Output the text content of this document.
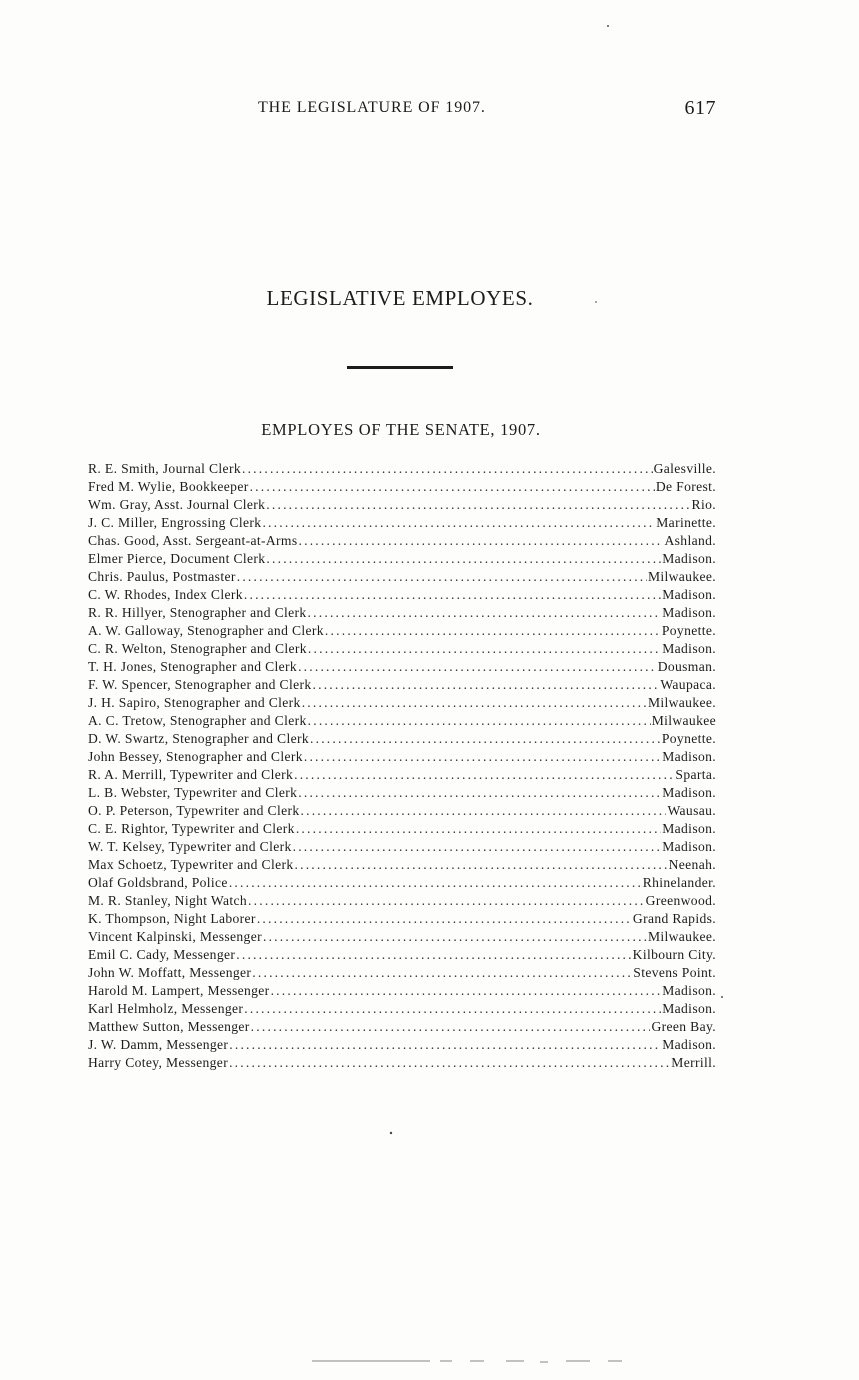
THE LEGISLATURE OF 1907.	617
LEGISLATIVE EMPLOYES.
EMPLOYES OF THE SENATE, 1907.
R. E. Smith, Journal Clerk .....	Galesville.
Fred M. Wylie, Bookkeeper .....	De Forest.
Wm. Gray, Asst. Journal Clerk .....	Rio.
J. C. Miller, Engrossing Clerk .....	Marinette.
Chas. Good, Asst. Sergeant-at-Arms .....	Ashland.
Elmer Pierce, Document Clerk .....	Madison.
Chris. Paulus, Postmaster .....	Milwaukee.
C. W. Rhodes, Index Clerk .....	Madison.
R. R. Hillyer, Stenographer and Clerk .....	Madison.
A. W. Galloway, Stenographer and Clerk .....	Poynette.
C. R. Welton, Stenographer and Clerk .....	Madison.
T. H. Jones, Stenographer and Clerk .....	Dousman.
F. W. Spencer, Stenographer and Clerk .....	Waupaca.
J. H. Sapiro, Stenographer and Clerk .....	Milwaukee.
A. C. Tretow, Stenographer and Clerk .....	Milwaukee
D. W. Swartz, Stenographer and Clerk .....	Poynette.
John Bessey, Stenographer and Clerk .....	Madison.
R. A. Merrill, Typewriter and Clerk .....	Sparta.
L. B. Webster, Typewriter and Clerk .....	Madison.
O. P. Peterson, Typewriter and Clerk .....	Wausau.
C. E. Rightor, Typewriter and Clerk .....	Madison.
W. T. Kelsey, Typewriter and Clerk .....	Madison.
Max Schoetz, Typewriter and Clerk .....	Neenah.
Olaf Goldsbrand, Police .....	Rhinelander.
M. R. Stanley, Night Watch .....	Greenwood.
K. Thompson, Night Laborer .....	Grand Rapids.
Vincent Kalpinski, Messenger .....	Milwaukee.
Emil C. Cady, Messenger .....	Kilbourn City.
John W. Moffatt, Messenger .....	Stevens Point.
Harold M. Lampert, Messenger .....	Madison.
Karl Helmholz, Messenger .....	Madison.
Matthew Sutton, Messenger .....	Green Bay.
J. W. Damm, Messenger .....	Madison.
Harry Cotey, Messenger .....	Merrill.
